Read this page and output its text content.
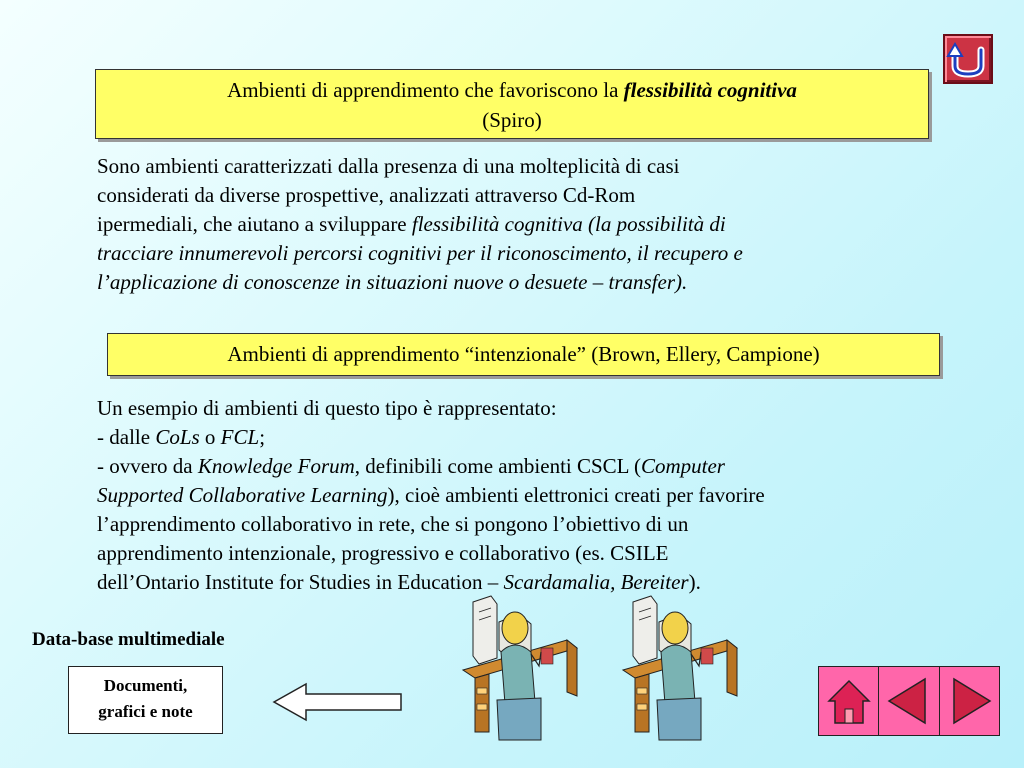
Ambienti di apprendimento che favoriscono la flessibilità cognitiva
(Spiro)
Sono ambienti caratterizzati dalla presenza di una molteplicità di casi
considerati da diverse prospettive, analizzati attraverso Cd-Rom
ipermediali, che aiutano a sviluppare flessibilità cognitiva (la possibilità di
tracciare innumerevoli percorsi cognitivi per il riconoscimento, il recupero e
l’applicazione di conoscenze in situazioni nuove o desuete – transfer).
Ambienti di apprendimento “intenzionale” (Brown, Ellery, Campione)
Un esempio di ambienti di questo tipo è rappresentato:
- dalle CoLs o FCL;
- ovvero da Knowledge Forum, definibili come ambienti CSCL (Computer
Supported Collaborative Learning), cioè ambienti elettronici creati per favorire
l’apprendimento collaborativo in rete, che si pongono l’obiettivo di un
apprendimento intenzionale, progressivo e collaborativo (es. CSILE
dell’Ontario Institute for Studies in Education – Scardamalia, Bereiter).
Data-base multimediale
Documenti,
grafici e note
